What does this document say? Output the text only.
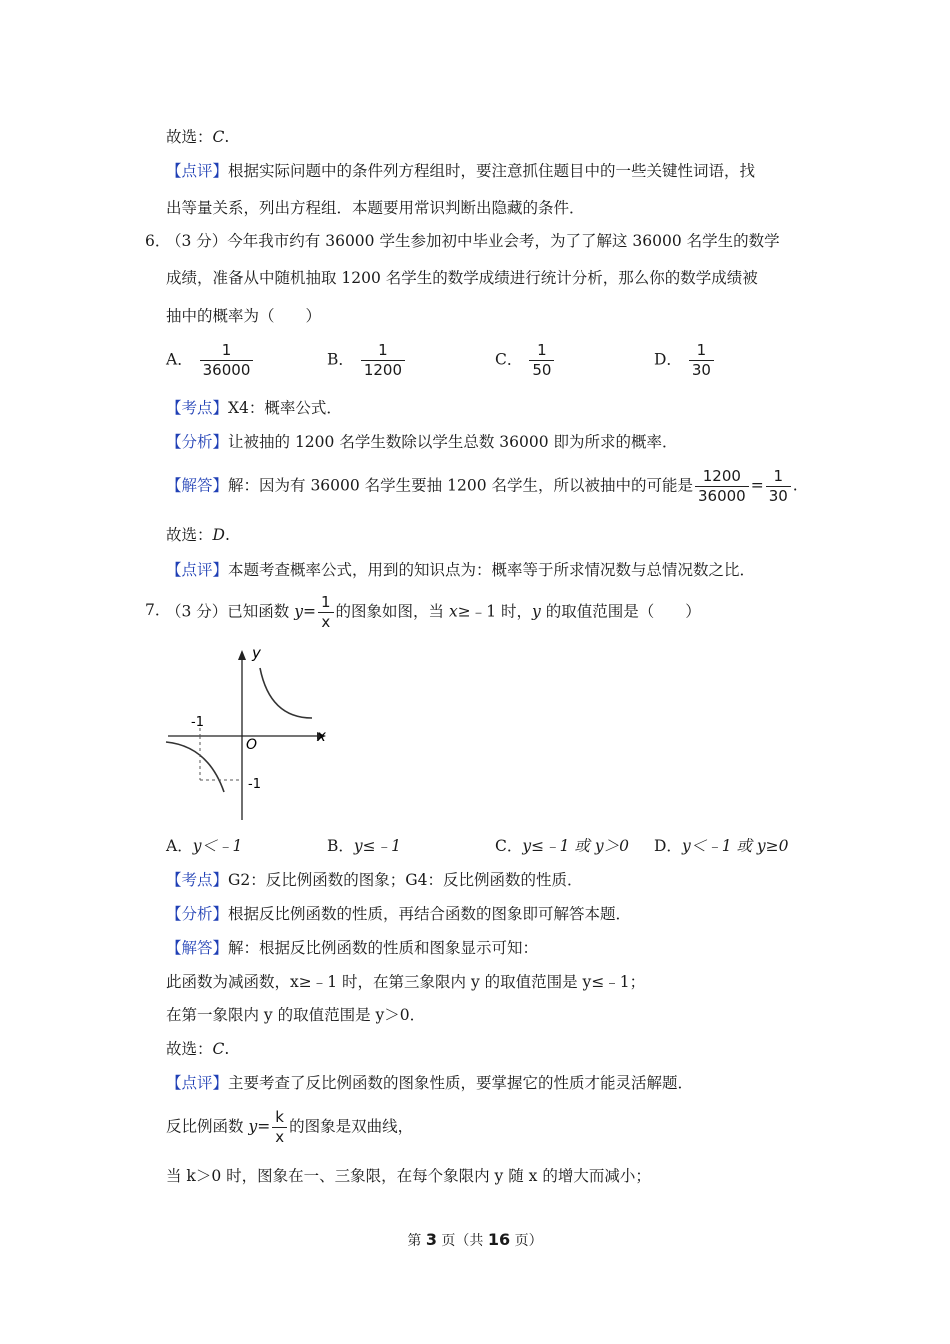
故选：C.
【点评】根据实际问题中的条件列方程组时，要注意抓住题目中的一些关键性词语，找
出等量关系，列出方程组．本题要用常识判断出隐藏的条件．
6．
（3 分）今年我市约有 36000 学生参加初中毕业会考，为了了解这 36000 名学生的数学
成绩，准备从中随机抽取 1200 名学生的数学成绩进行统计分析，那么你的数学成绩被
抽中的概率为（　　）
A． $\frac{1}{36000}$	B． $\frac{1}{1200}$	C． $\frac{1}{50}$	D． $\frac{1}{30}$
【考点】X4：概率公式．
【分析】让被抽的 1200 名学生数除以学生总数 36000 即为所求的概率．
【解答】解：因为有 36000 名学生要抽 1200 名学生，所以被抽中的可能是 $\frac{1200}{36000} = \frac{1}{30}$ .
故选：D.
【点评】本题考查概率公式，用到的知识点为：概率等于所求情况数与总情况数之比．
7．
（3 分）已知函数 $y= \frac{1}{x}$ 的图象如图，当 x≥﹣1 时，y 的取值范围是（　　）
y
x
O
-1
-1
A．y＜﹣1	B．y≤﹣1	C．y≤﹣1 或 y＞0 D．y＜﹣1 或 y≥0
【考点】G2：反比例函数的图象；G4：反比例函数的性质．
【分析】根据反比例函数的性质，再结合函数的图象即可解答本题．
【解答】解：根据反比例函数的性质和图象显示可知：
此函数为减函数，x≥﹣1 时，在第三象限内 y 的取值范围是 y≤﹣1；
在第一象限内 y 的取值范围是 y＞0．
故选：C.
【点评】主要考查了反比例函数的图象性质，要掌握它的性质才能灵活解题．
反比例函数 $y= \frac{k}{x}$ 的图象是双曲线，
当 k＞0 时，图象在一、三象限，在每个象限内 y 随 x 的增大而减小；
第 3 页（共 16 页）
